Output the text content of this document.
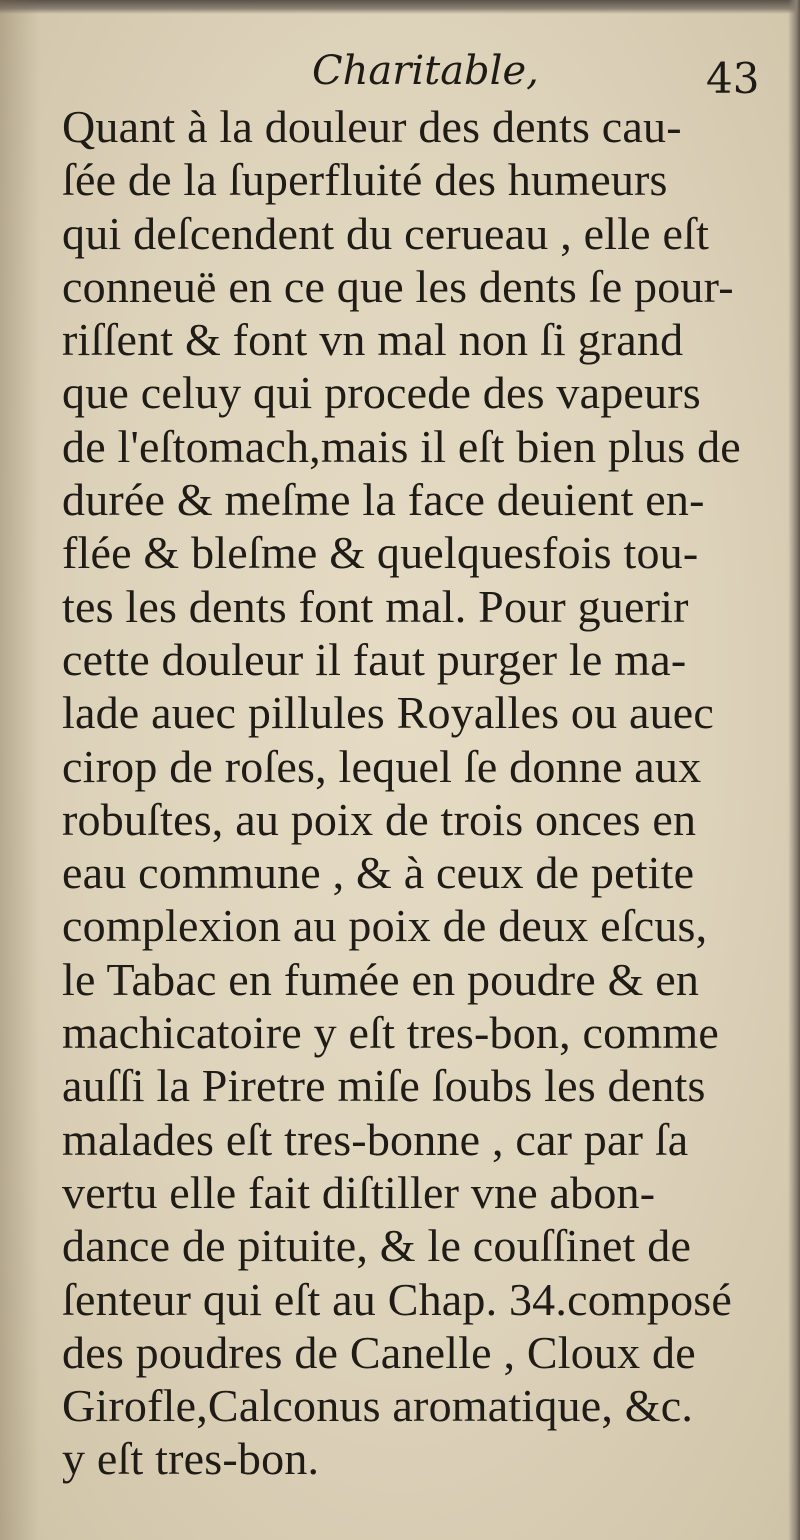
Charitable,	43
Quant à la douleur des dents cau-
ſée de la ſuperfluité des humeurs
qui deſcendent du cerueau , elle eſt
conneuë en ce que les dents ſe pour-
riſſent & font vn mal non ſi grand
que celuy qui procede des vapeurs
de l'eſtomach,mais il eſt bien plus de
durée & meſme la face deuient en-
flée & bleſme & quelquesfois tou-
tes les dents font mal. Pour guerir
cette douleur il faut purger le ma-
lade auec pillules Royalles ou auec
cirop de roſes, lequel ſe donne aux
robuſtes, au poix de trois onces en
eau commune , & à ceux de petite
complexion au poix de deux eſcus,
le Tabac en fumée en poudre & en
machicatoire y eſt tres-bon, comme
auſſi la Piretre miſe ſoubs les dents
malades eſt tres-bonne , car par ſa
vertu elle fait diſtiller vne abon-
dance de pituite, & le couſſinet de
ſenteur qui eſt au Chap. 34.composé
des poudres de Canelle , Cloux de
Girofle,Calconus aromatique, &c.
y eſt tres-bon.
